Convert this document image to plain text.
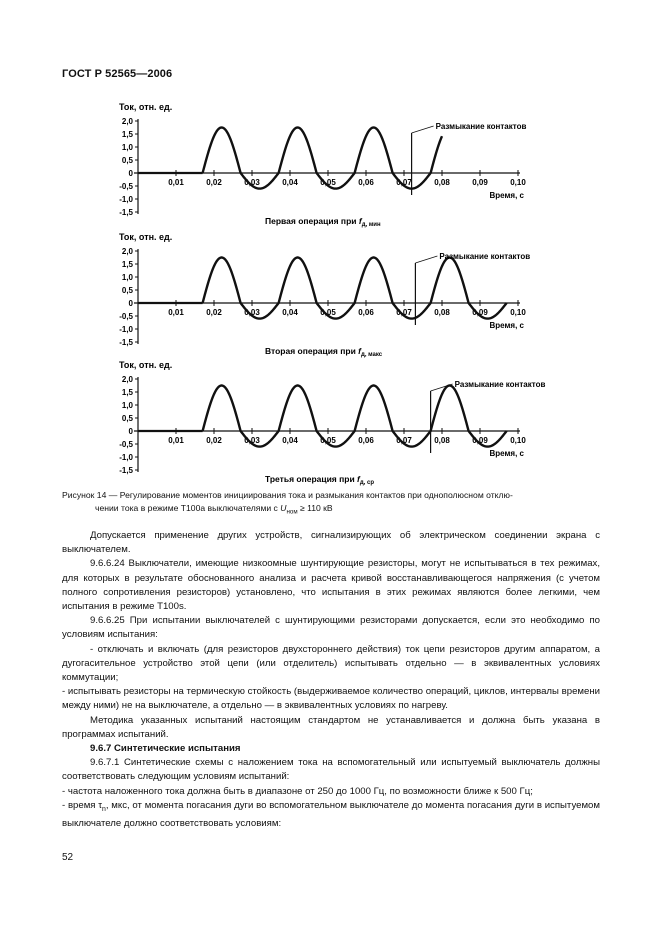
ГОСТ Р 52565—2006
Ток, отн. ед.
2,0
1,5
1,0
0,5
0
-0,5
-1,0
-1,5
0,01	0,02	0,03	0,04	0,05	0,06	0,07	0,08	0,09	0,10
Время, с
Размыкание контактов
Первая операция при $f_{д, мин}$
Ток, отн. ед.
2,0
1,5
1,0
0,5
0
-0,5
-1,0
-1,5
0,01	0,02	0,03	0,04	0,05	0,06	0,07	0,08	0,09	0,10
Время, с
Размыкание контактов
Вторая операция при $f_{д, макс}$
Ток, отн. ед.
2,0
1,5
1,0
0,5
0
-0,5
-1,0
-1,5
0,01	0,02	0,03	0,04	0,05	0,06	0,07	0,08	0,09	0,10
Время, с
Размыкание контактов
Третья операция при $f_{д, ср}$
Рисунок 14 — Регулирование моментов инициирования тока и размыкания контактов при однополюсном отклю-
чении тока в режиме Т100а выключателями с $U_{ном} \ge 110$ кВ

Допускается применение других устройств, сигнализирующих об электрическом соединении экрана с выключателем.

9.6.6.24 Выключатели, имеющие низкоомные шунтирующие резисторы, могут не испытываться в тех режимах, для которых в результате обоснованного анализа и расчета кривой восстанавливающегося напряжения (с учетом полного сопротивления резисторов) установлено, что испытания в этих режимах являются более легкими, чем испытания в режиме Т100s.

9.6.6.25 При испытании выключателей с шунтирующими резисторами допускается, если это необходимо по условиям испытания:

- отключать и включать (для резисторов двухстороннего действия) ток цепи резисторов другим аппаратом, а дугогасительное устройство этой цепи (или отделитель) испытывать отдельно — в эквивалентных условиях коммутации;

- испытывать резисторы на термическую стойкость (выдерживаемое количество операций, циклов, интервалы времени между ними) не на выключателе, а отдельно — в эквивалентных условиях по нагреву.

Методика указанных испытаний настоящим стандартом не устанавливается и должна быть указана в программах испытаний.

9.6.7 Синтетические испытания

9.6.7.1 Синтетические схемы с наложением тока на вспомогательный или испытуемый выключатель должны соответствовать следующим условиям испытаний:

- частота наложенного тока должна быть в диапазоне от 250 до 1000 Гц, по возможности ближе к 500 Гц;

- время $\tau_n$, мкс, от момента погасания дуги во вспомогательном выключателе до момента погасания дуги в испытуемом выключателе должно соответствовать условиям:

52
